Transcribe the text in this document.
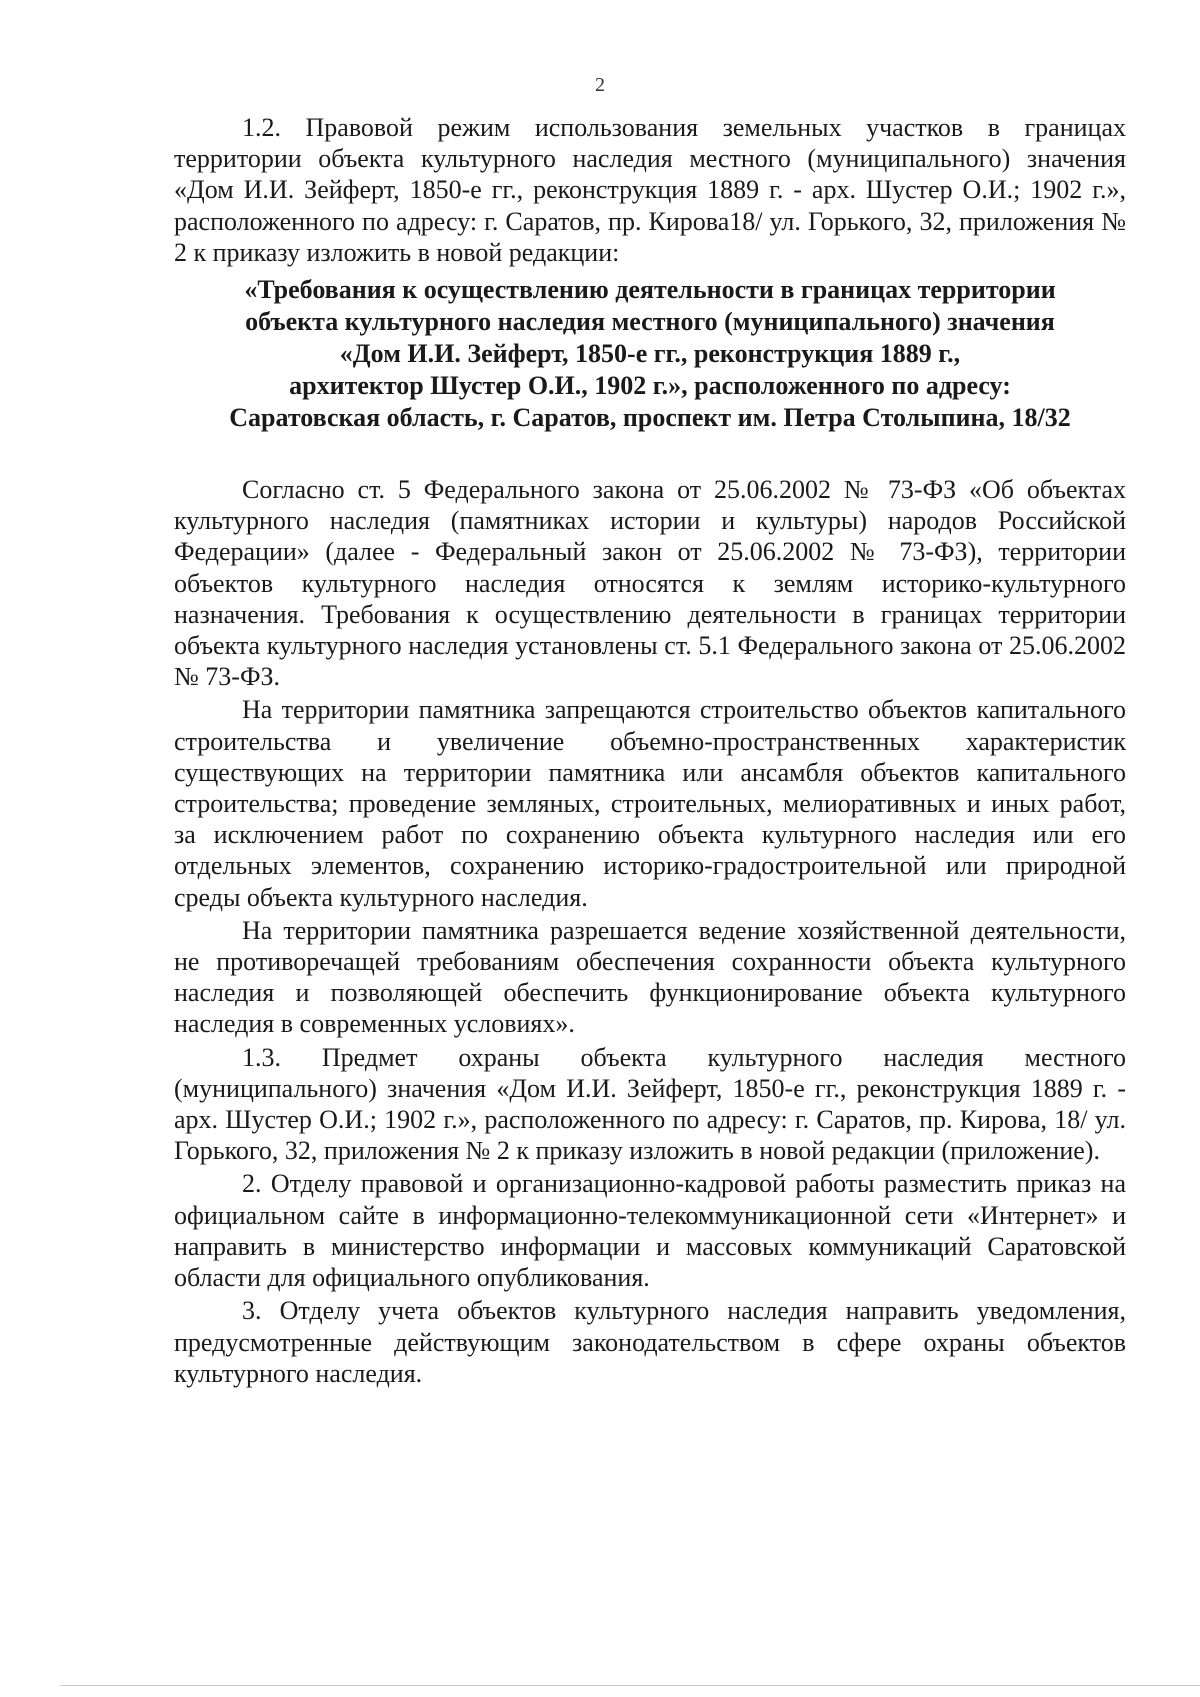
2

1.2. Правовой режим использования земельных участков в границах территории объекта культурного наследия местного (муниципального) значения «Дом И.И. Зейферт, 1850-е гг., реконструкция 1889 г. - арх. Шустер О.И.; 1902 г.», расположенного по адресу: г. Саратов, пр. Кирова18/ ул. Горького, 32, приложения № 2 к приказу изложить в новой редакции:

«Требования к осуществлению деятельности в границах территории
объекта культурного наследия местного (муниципального) значения
«Дом И.И. Зейферт, 1850-е гг., реконструкция 1889 г.,
архитектор Шустер О.И., 1902 г.», расположенного по адресу:
Саратовская область, г. Саратов, проспект им. Петра Столыпина, 18/32

Согласно ст. 5 Федерального закона от 25.06.2002 № 73-ФЗ «Об объектах культурного наследия (памятниках истории и культуры) народов Российской Федерации» (далее - Федеральный закон от 25.06.2002 № 73-ФЗ), территории объектов культурного наследия относятся к землям историко-культурного назначения. Требования к осуществлению деятельности в границах территории объекта культурного наследия установлены ст. 5.1 Федерального закона от 25.06.2002 № 73-ФЗ.

На территории памятника запрещаются строительство объектов капитального строительства и увеличение объемно-пространственных характеристик существующих на территории памятника или ансамбля объектов капитального строительства; проведение земляных, строительных, мелиоративных и иных работ, за исключением работ по сохранению объекта культурного наследия или его отдельных элементов, сохранению историко-градостроительной или природной среды объекта культурного наследия.

На территории памятника разрешается ведение хозяйственной деятельности, не противоречащей требованиям обеспечения сохранности объекта культурного наследия и позволяющей обеспечить функционирование объекта культурного наследия в современных условиях».

1.3. Предмет охраны объекта культурного наследия местного (муниципального) значения «Дом И.И. Зейферт, 1850-е гг., реконструкция 1889 г. - арх. Шустер О.И.; 1902 г.», расположенного по адресу: г. Саратов, пр. Кирова, 18/ ул. Горького, 32, приложения № 2 к приказу изложить в новой редакции (приложение).

2. Отделу правовой и организационно-кадровой работы разместить приказ на официальном сайте в информационно-телекоммуникационной сети «Интернет» и направить в министерство информации и массовых коммуникаций Саратовской области для официального опубликования.

3. Отделу учета объектов культурного наследия направить уведомления, предусмотренные действующим законодательством в сфере охраны объектов культурного наследия.
